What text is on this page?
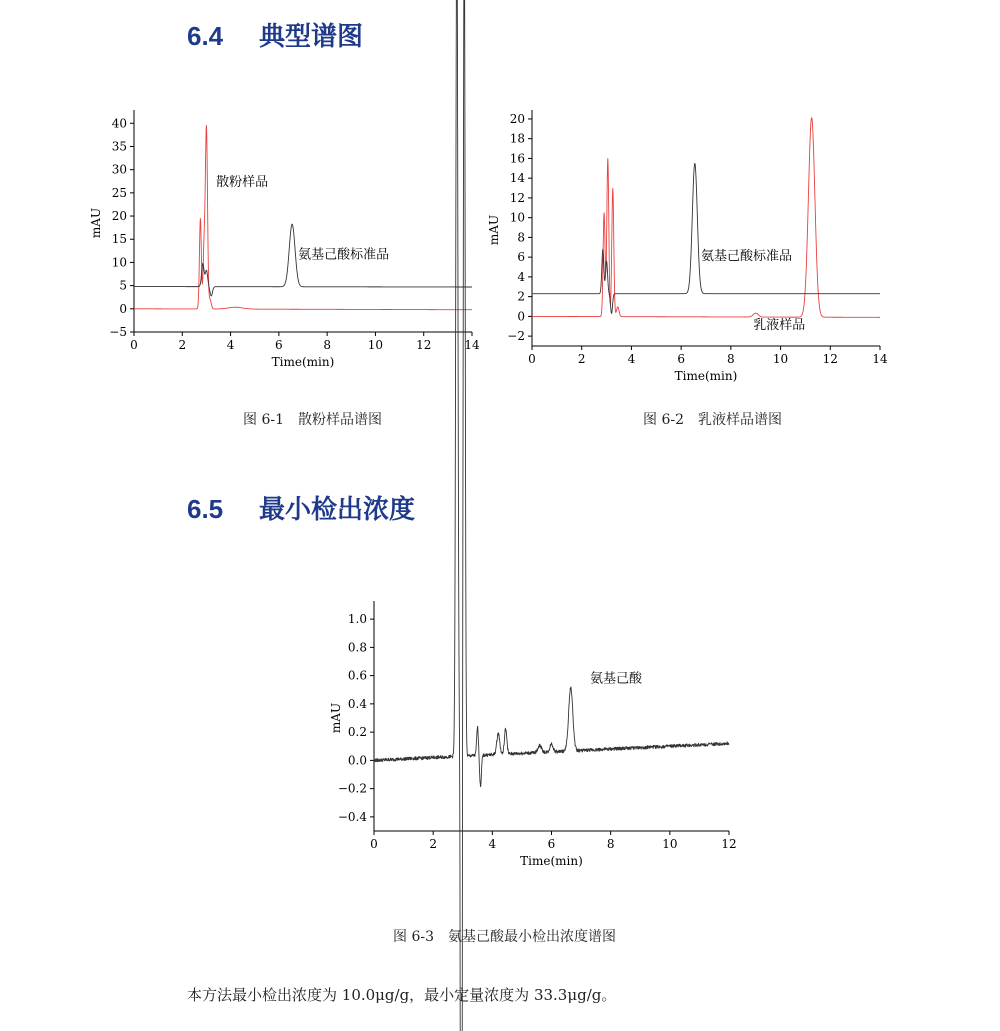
6.4 典型谱图
0	2	4	6	8	10	12	14
−5
0
5
10
15
20
25
30
35
40
Time(min)
mAU
散粉样品
氨基己酸标准品
0	2	4	6	8	10	12	14
−2
0
2
4
6
8
10
12
14
16
18
20
Time(min)
mAU
氨基己酸标准品
乳液样品
图 6-1　散粉样品谱图	图 6-2　乳液样品谱图
6.5 最小检出浓度
0	2	4	6	8	10	12
−0.4
−0.2
0.0
0.2
0.4
0.6
0.8
1.0
Time(min)
mAU
氨基己酸
图 6-3　氨基己酸最小检出浓度谱图
本方法最小检出浓度为 10.0μg/g，最小定量浓度为 33.3μg/g。
